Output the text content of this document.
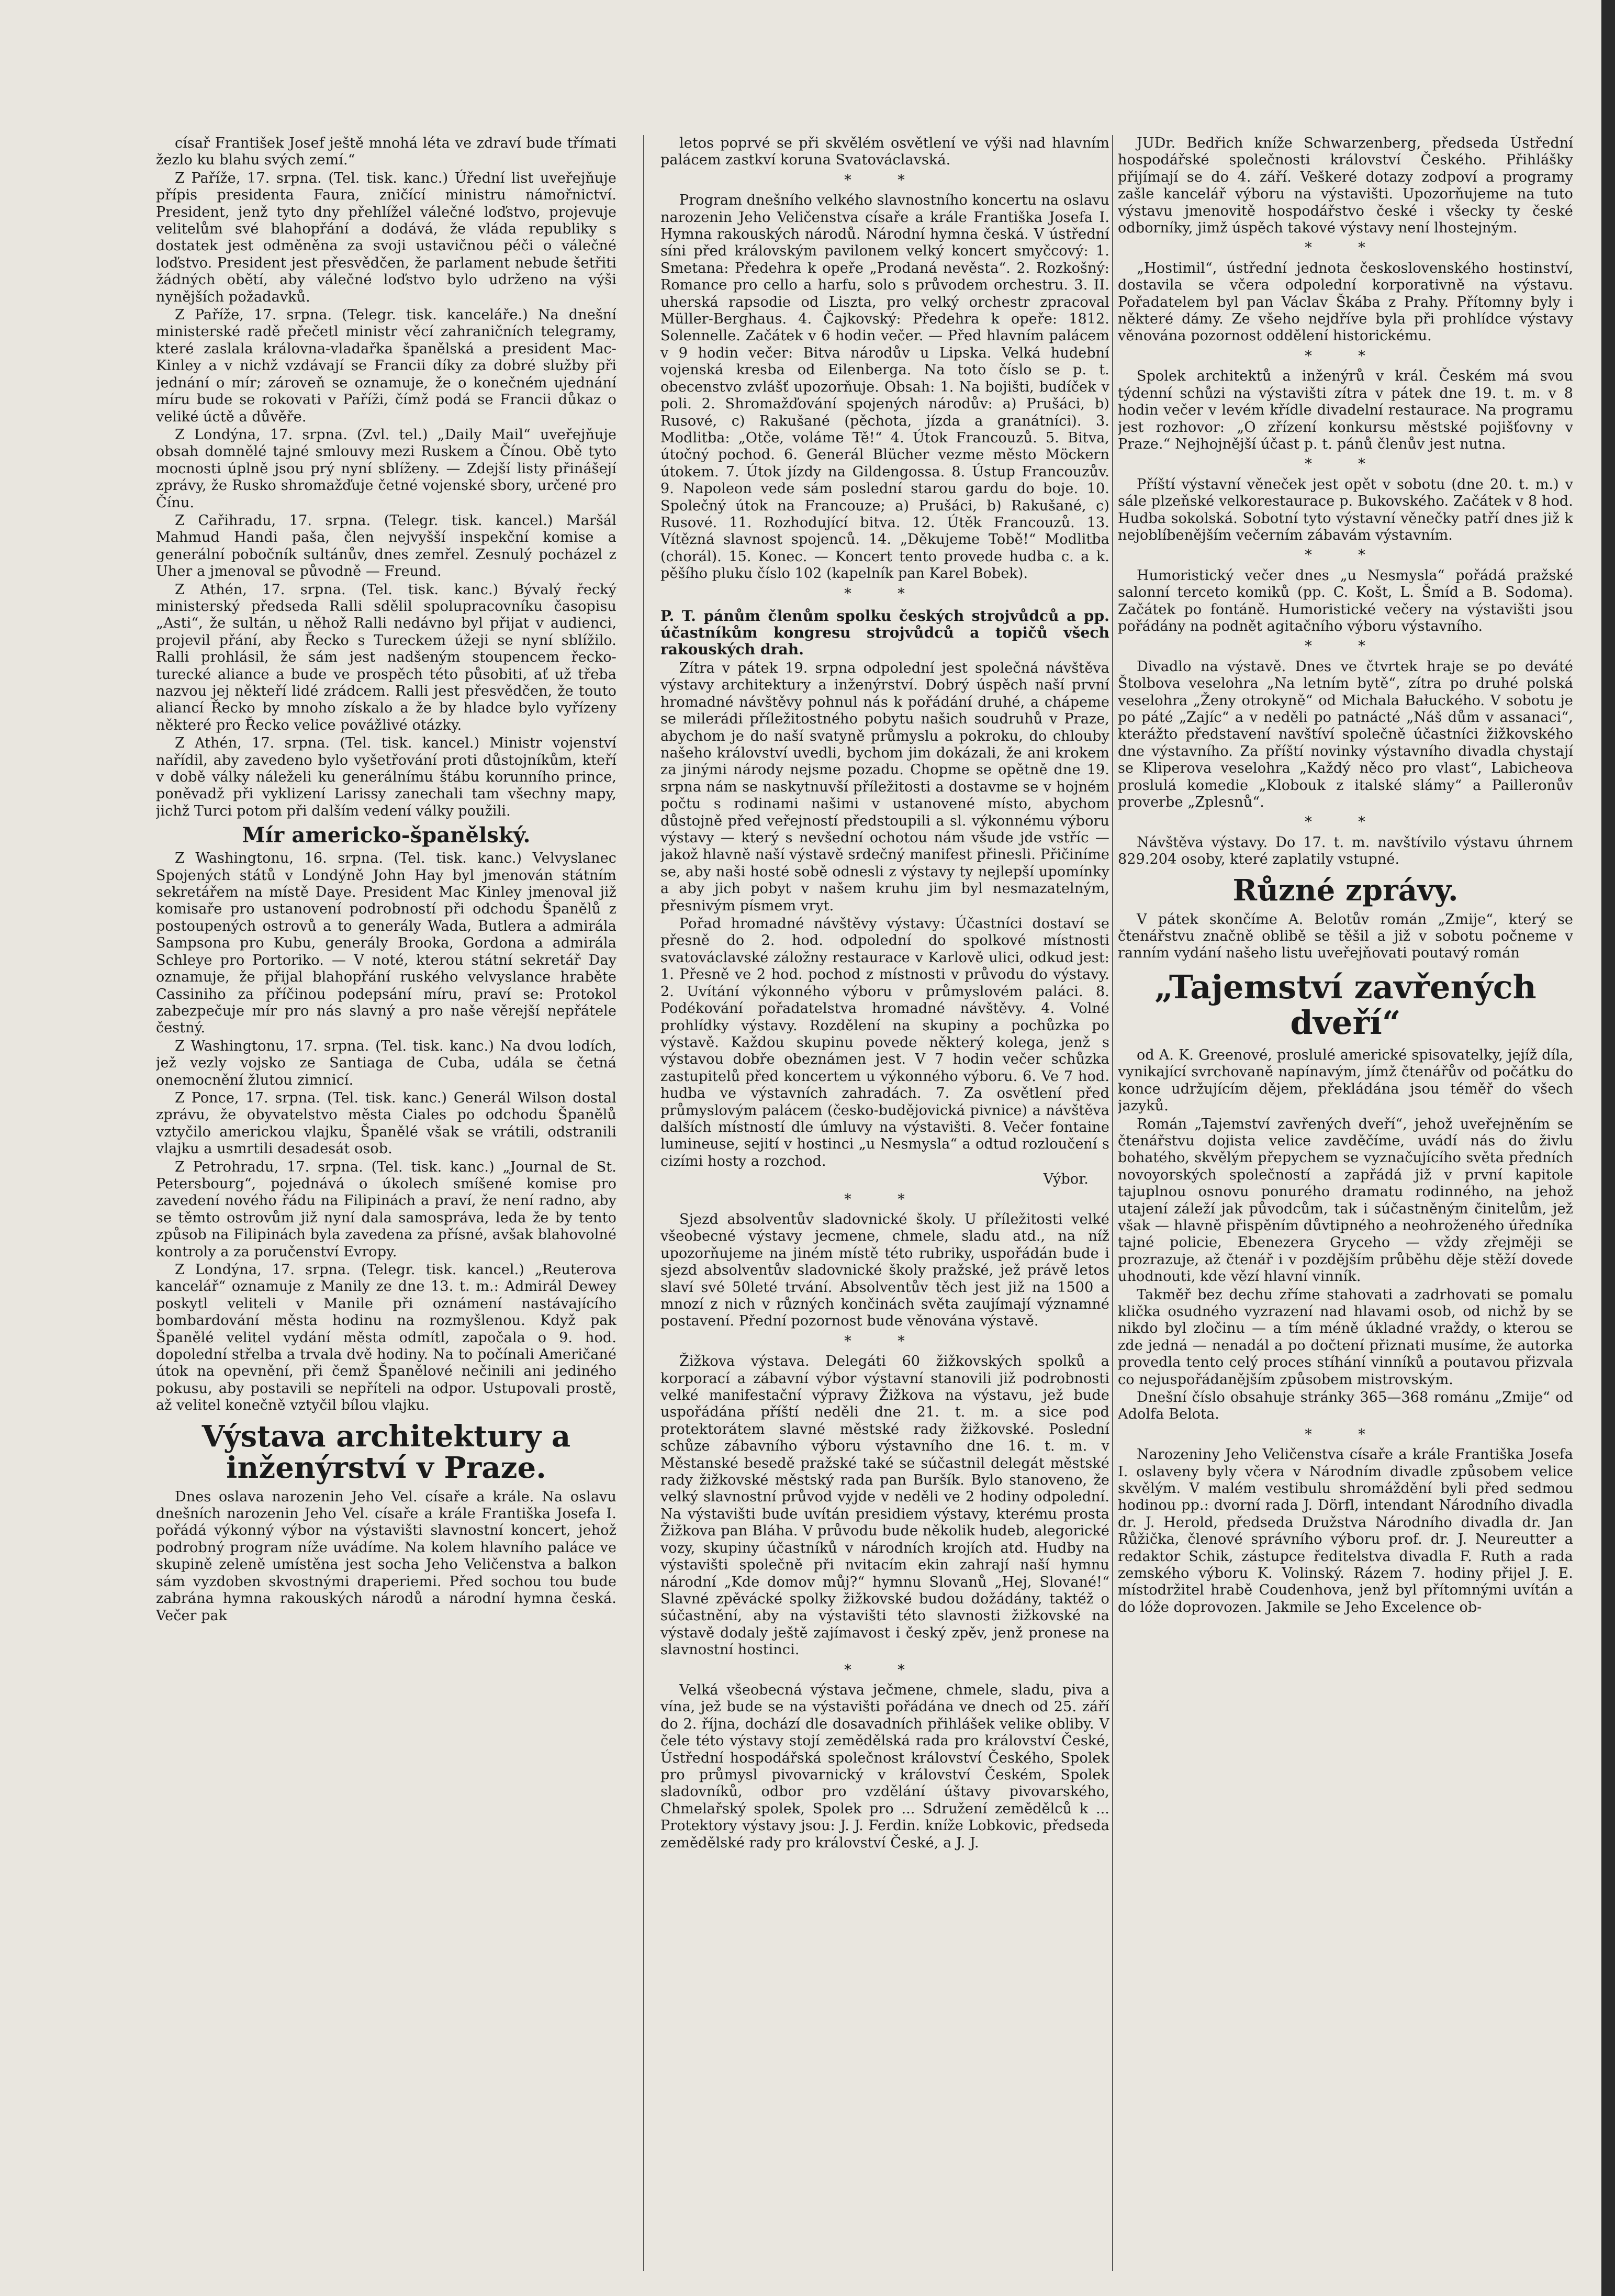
císař František Josef ještě mnohá léta ve zdraví bude třímati žezlo ku blahu svých zemí.“

Z Paříže, 17. srpna. (Tel. tisk. kanc.) Úřední list uveřejňuje přípis presidenta Faura, zničící ministru námořnictví. President, jenž tyto dny přehlížel válečné loďstvo, projevuje velitelům své blahopřání a dodává, že vláda republiky s dostatek jest odměněna za svoji ustavičnou péči o válečné loďstvo. President jest přesvědčen, že parlament nebude šetřiti žádných obětí, aby válečné loďstvo bylo udrženo na výši nynějších požadavků.

Z Paříže, 17. srpna. (Telegr. tisk. kanceláře.) Na dnešní ministerské radě přečetl ministr věcí zahraničních telegramy, které zaslala královna-vladařka španělská a president Mac-Kinley a v nichž vzdávají se Francii díky za dobré služby při jednání o mír; zároveň se oznamuje, že o konečném ujednání míru bude se rokovati v Paříži, čímž podá se Francii důkaz o veliké úctě a důvěře.

Z Londýna, 17. srpna. (Zvl. tel.) „Daily Mail“ uveřejňuje obsah domnělé tajné smlouvy mezi Ruskem a Čínou. Obě tyto mocnosti úplně jsou prý nyní sblíženy. — Zdejší listy přinášejí zprávy, že Rusko shromažďuje četné vojenské sbory, určené pro Čínu.

Z Cařihradu, 17. srpna. (Telegr. tisk. kancel.) Maršál Mahmud Handi paša, člen nejvyšší inspekční komise a generální pobočník sultánův, dnes zemřel. Zesnulý pocházel z Uher a jmenoval se původně — Freund.

Z Athén, 17. srpna. (Tel. tisk. kanc.) Bývalý řecký ministerský předseda Ralli sdělil spolupracovníku časopisu „Asti“, že sultán, u něhož Ralli nedávno byl přijat v audienci, projevil přání, aby Řecko s Tureckem úžeji se nyní sblížilo. Ralli prohlásil, že sám jest nadšeným stoupencem řecko-turecké aliance a bude ve prospěch této působiti, ať už třeba nazvou jej někteří lidé zrádcem. Ralli jest přesvědčen, že touto aliancí Řecko by mnoho získalo a že by hladce bylo vyřízeny některé pro Řecko velice povážlivé otázky.

Z Athén, 17. srpna. (Tel. tisk. kancel.) Ministr vojenství nařídil, aby zavedeno bylo vyšetřování proti důstojníkům, kteří v době války náleželi ku generálnímu štábu korunního prince, poněvadž při vyklizení Larissy zanechali tam všechny mapy, jichž Turci potom při dalším vedení války použili.

Mír americko-španělský.

Z Washingtonu, 16. srpna. (Tel. tisk. kanc.) Velvyslanec Spojených států v Londýně John Hay byl jmenován státním sekretářem na místě Daye. President Mac Kinley jmenoval již komisaře pro ustanovení podrobností při odchodu Španělů z postoupených ostrovů a to generály Wada, Butlera a admirála Sampsona pro Kubu, generály Brooka, Gordona a admirála Schleye pro Portoriko. — V noté, kterou státní sekretář Day oznamuje, že přijal blahopřání ruského velvyslance hraběte Cassiniho za příčinou podepsání míru, praví se: Protokol zabezpečuje mír pro nás slavný a pro naše věrejší nepřátele čestný.

Z Washingtonu, 17. srpna. (Tel. tisk. kanc.) Na dvou lodích, jež vezly vojsko ze Santiaga de Cuba, udála se četná onemocnění žlutou zimnicí.

Z Ponce, 17. srpna. (Tel. tisk. kanc.) Generál Wilson dostal zprávu, že obyvatelstvo města Ciales po odchodu Španělů vztyčilo americkou vlajku, Španělé však se vrátili, odstranili vlajku a usmrtili desadesát osob.

Z Petrohradu, 17. srpna. (Tel. tisk. kanc.) „Journal de St. Petersbourg“, pojednává o úkolech smíšené komise pro zavedení nového řádu na Filipinách a praví, že není radno, aby se těmto ostrovům již nyní dala samospráva, leda že by tento způsob na Filipinách byla zavedena za přísné, avšak blahovolné kontroly a za poručenství Evropy.

Z Londýna, 17. srpna. (Telegr. tisk. kancel.) „Reuterova kancelář“ oznamuje z Manily ze dne 13. t. m.: Admirál Dewey poskytl veliteli v Manile při oznámení nastávajícího bombardování města hodinu na rozmyšlenou. Když pak Španělé velitel vydání města odmítl, započala o 9. hod. dopolední střelba a trvala dvě hodiny. Na to počínali Američané útok na opevnění, při čemž Španělové nečinili ani jediného pokusu, aby postavili se nepříteli na odpor. Ustupovali prostě, až velitel konečně vztyčil bílou vlajku.

Výstava architektury a inženýrství v Praze.

Dnes oslava narozenin Jeho Vel. císaře a krále. Na oslavu dnešních narozenin Jeho Vel. císaře a krále Františka Josefa I. pořádá výkonný výbor na výstavišti slavnostní koncert, jehož podrobný program níže uvádíme. Na kolem hlavního paláce ve skupině zeleně umístěna jest socha Jeho Veličenstva a balkon sám vyzdoben skvostnými draperiemi. Před sochou tou bude zabrána hymna rakouských národů a národní hymna česká. Večer pak

letos poprvé se při skvělém osvětlení ve výši nad hlavním palácem zastkví koruna Svatováclavská.

* *

Program dnešního velkého slavnostního koncertu na oslavu narozenin Jeho Veličenstva císaře a krále Františka Josefa I. Hymna rakouských národů. Národní hymna česká. V ústřední síni před královským pavilonem velký koncert smyčcový: 1. Smetana: Předehra k opeře „Prodaná nevěsta“. 2. Rozkošný: Romance pro cello a harfu, solo s průvodem orchestru. 3. II. uherská rapsodie od Liszta, pro velký orchestr zpracoval Müller-Berghaus. 4. Čajkovský: Předehra k opeře: 1812. Solennelle. Začátek v 6 hodin večer. — Před hlavním palácem v 9 hodin večer: Bitva národův u Lipska. Velká hudební vojenská kresba od Eilenberga. Na toto číslo se p. t. obecenstvo zvlášť upozorňuje. Obsah: 1. Na bojišti, budíček v poli. 2. Shromažďování spojených národův: a) Prušáci, b) Rusové, c) Rakušané (pěchota, jízda a granátníci). 3. Modlitba: „Otče, voláme Tě!“ 4. Útok Francouzů. 5. Bitva, útočný pochod. 6. Generál Blücher vezme město Möckern útokem. 7. Útok jízdy na Gildengossa. 8. Ústup Francouzův. 9. Napoleon vede sám poslední starou gardu do boje. 10. Společný útok na Francouze; a) Prušáci, b) Rakušané, c) Rusové. 11. Rozhodující bitva. 12. Útěk Francouzů. 13. Vítězná slavnost spojenců. 14. „Děkujeme Tobě!“ Modlitba (chorál). 15. Konec. — Koncert tento provede hudba c. a k. pěšího pluku číslo 102 (kapelník pan Karel Bobek).

* *
P. T. pánům členům spolku českých strojvůdců a pp. účastníkům kongresu strojvůdců a topičů všech rakouských drah.

Zítra v pátek 19. srpna odpolední jest společná návštěva výstavy architektury a inženýrství. Dobrý úspěch naší první hromadné návštěvy pohnul nás k pořádání druhé, a chápeme se milerádi příležitostného pobytu našich soudruhů v Praze, abychom je do naší svatyně průmyslu a pokroku, do chlouby našeho království uvedli, bychom jim dokázali, že ani krokem za jinými národy nejsme pozadu. Chopme se opětně dne 19. srpna nám se naskytnuvší příležitosti a dostavme se v hojném počtu s rodinami našimi v ustanovené místo, abychom důstojně před veřejností předstoupili a sl. výkonnému výboru výstavy — který s nevšední ochotou nám všude jde vstříc — jakož hlavně naší výstavě srdečný manifest přinesli. Přičiníme se, aby naši hosté sobě odnesli z výstavy ty nejlepší upomínky a aby jich pobyt v našem kruhu jim byl nesmazatelným, přesnivým písmem vryt.

Pořad hromadné návštěvy výstavy: Účastníci dostaví se přesně do 2. hod. odpolední do spolkové místnosti svatováclavské záložny restaurace v Karlově ulici, odkud jest: 1. Přesně ve 2 hod. pochod z místnosti v průvodu do výstavy. 2. Uvítání výkonného výboru v průmyslovém paláci. 8. Podékování pořadatelstva hromadné návštěvy. 4. Volné prohlídky výstavy. Rozdělení na skupiny a pochůzka po výstavě. Každou skupinu povede některý kolega, jenž s výstavou dobře obeznámen jest. V 7 hodin večer schůzka zastupitelů před koncertem u výkonného výboru. 6. Ve 7 hod. hudba ve výstavních zahradách. 7. Za osvětlení před průmyslovým palácem (česko-budějovická pivnice) a návštěva dalších místností dle úmluvy na výstavišti. 8. Večer fontaine lumineuse, sejití v hostinci „u Nesmysla“ a odtud rozloučení s cizími hosty a rozchod.

Výbor.
* *

Sjezd absolventův sladovnické školy. U příležitosti velké všeobecné výstavy jecmene, chmele, sladu atd., na níž upozorňujeme na jiném místě této rubriky, uspořádán bude i sjezd absolventův sladovnické školy pražské, jež právě letos slaví své 50leté trvání. Absolventův těch jest již na 1500 a mnozí z nich v různých končinách světa zaujímají významné postavení. Přední pozornost bude věnována výstavě.

* *

Žižkova výstava. Delegáti 60 žižkovských spolků a korporací a zábavní výbor výstavní stanovili již podrobnosti velké manifestační výpravy Žižkova na výstavu, jež bude uspořádána příští neděli dne 21. t. m. a sice pod protektorátem slavné městské rady žižkovské. Poslední schůze zábavního výboru výstavního dne 16. t. m. v Městanské besedě pražské také se súčastnil delegát městské rady žižkovské městský rada pan Buršík. Bylo stanoveno, že velký slavnostní průvod vyjde v neděli ve 2 hodiny odpolední. Na výstavišti bude uvítán presidiem výstavy, kterému prosta Žižkova pan Bláha. V průvodu bude několik hudeb, alegorické vozy, skupiny účastníků v národních krojích atd. Hudby na výstavišti společně při nvitacím ekin zahrají naší hymnu národní „Kde domov můj?“ hymnu Slovanů „Hej, Slované!“ Slavné zpěvácké spolky žižkovské budou dožádány, taktéž o súčastnění, aby na výstavišti této slavnosti žižkovské na výstavě dodaly ještě zajímavost i český zpěv, jenž pronese na slavnostní hostinci.

* *

Velká všeobecná výstava ječmene, chmele, sladu, piva a vína, jež bude se na výstavišti pořádána ve dnech od 25. září do 2. října, dochází dle dosavadních přihlášek velike obliby. V čele této výstavy stojí zemědělská rada pro království České, Ústřední hospodářská společnost království Českého, Spolek pro průmysl pivovarnický v království Českém, Spolek sladovníků, odbor pro vzdělání úštavy pivovarského, Chmelařský spolek, Spolek pro ... Sdružení zemědělců k ... Protektory výstavy jsou: J. J. Ferdin. kníže Lobkovic, předseda zemědělské rady pro království České, a J. J.

JUDr. Bedřich kníže Schwarzenberg, předseda Ústřední hospodářské společnosti království Českého. Přihlášky přijímají se do 4. září. Veškeré dotazy zodpoví a programy zašle kancelář výboru na výstavišti. Upozorňujeme na tuto výstavu jmenovitě hospodářstvo české i všecky ty české odborníky, jimž úspěch takové výstavy není lhostejným.

* *

„Hostimil“, ústřední jednota československého hostinství, dostavila se včera odpolední korporativně na výstavu. Pořadatelem byl pan Václav Škába z Prahy. Přítomny byly i některé dámy. Ze všeho nejdříve byla při prohlídce výstavy věnována pozornost oddělení historickému.

* *

Spolek architektů a inženýrů v král. Českém má svou týdenní schůzi na výstavišti zítra v pátek dne 19. t. m. v 8 hodin večer v levém křídle divadelní restaurace. Na programu jest rozhovor: „O zřízení konkursu městské pojišťovny v Praze.“ Nejhojnější účast p. t. pánů členův jest nutna.

* *

Příští výstavní věneček jest opět v sobotu (dne 20. t. m.) v sále plzeňské velkorestaurace p. Bukovského. Začátek v 8 hod. Hudba sokolská. Sobotní tyto výstavní věnečky patří dnes již k nejoblíbenějším večerním zábavám výstavním.

* *

Humoristický večer dnes „u Nesmysla“ pořádá pražské salonní terceto komiků (pp. C. Košt, L. Šmíd a B. Sodoma). Začátek po fontáně. Humoristické večery na výstavišti jsou pořádány na podnět agitačního výboru výstavního.

* *

Divadlo na výstavě. Dnes ve čtvrtek hraje se po deváté Štolbova veselohra „Na letním bytě“, zítra po druhé polská veselohra „Ženy otrokyně“ od Michala Bałuckého. V sobotu je po páté „Zajíc“ a v neděli po patnácté „Náš dům v assanaci“, kterážto představení navštíví společně účastníci žižkovského dne výstavního. Za příští novinky výstavního divadla chystají se Kliperova veselohra „Každý něco pro vlast“, Labicheova proslulá komedie „Klobouk z italské slámy“ a Pailleronův proverbe „Zplesnů“.

* *

Návštěva výstavy. Do 17. t. m. navštívilo výstavu úhrnem 829.204 osoby, které zaplatily vstupné.

Různé zprávy.

V pátek skončíme A. Belotův román „Zmije“, který se čtenářstvu značně oblibě se těšil a již v sobotu počneme v ranním vydání našeho listu uveřejňovati poutavý román

„Tajemství zavřených dveří“

od A. K. Greenové, proslulé americké spisovatelky, jejíž díla, vynikající svrchovaně napínavým, jímž čtenářův od počátku do konce udržujícím dějem, překládána jsou téměř do všech jazyků.

Román „Tajemství zavřených dveří“, jehož uveřejněním se čtenářstvu dojista velice zavděčíme, uvádí nás do živlu bohatého, skvělým přepychem se vyznačujícího světa předních novoyorských společností a zapřádá již v první kapitole tajuplnou osnovu ponurého dramatu rodinného, na jehož utajení záleží jak původcům, tak i súčastněným činitelům, jež však — hlavně přispěním důvtipného a neohroženého úředníka tajné policie, Ebenezera Gryceho — vždy zřejměji se prozrazuje, až čtenář i v pozdějším průběhu děje stěží dovede uhodnouti, kde vězí hlavní vinník.

Takměř bez dechu zříme stahovati a zadrhovati se pomalu klička osudného vyzrazení nad hlavami osob, od nichž by se nikdo byl zločinu — a tím méně úkladné vraždy, o kterou se zde jedná — nenadál a po dočtení přiznati musíme, že autorka provedla tento celý proces stíhání vinníků a poutavou přizvala co nejuspořádanějším způsobem mistrovským.

Dnešní číslo obsahuje stránky 365—368 románu „Zmije“ od Adolfa Belota.

* *

Narozeniny Jeho Veličenstva císaře a krále Františka Josefa I. oslaveny byly včera v Národním divadle způsobem velice skvělým. V malém vestibulu shromáždění byli před sedmou hodinou pp.: dvorní rada J. Dörfl, intendant Národního divadla dr. J. Herold, předseda Družstva Národního divadla dr. Jan Růžička, členové správního výboru prof. dr. J. Neureutter a redaktor Schik, zástupce ředitelstva divadla F. Ruth a rada zemského výboru K. Volinský. Rázem 7. hodiny přijel J. E. místodržitel hrabě Coudenhova, jenž byl přítomnými uvítán a do lóže doprovozen. Jakmile se Jeho Excelence ob-
